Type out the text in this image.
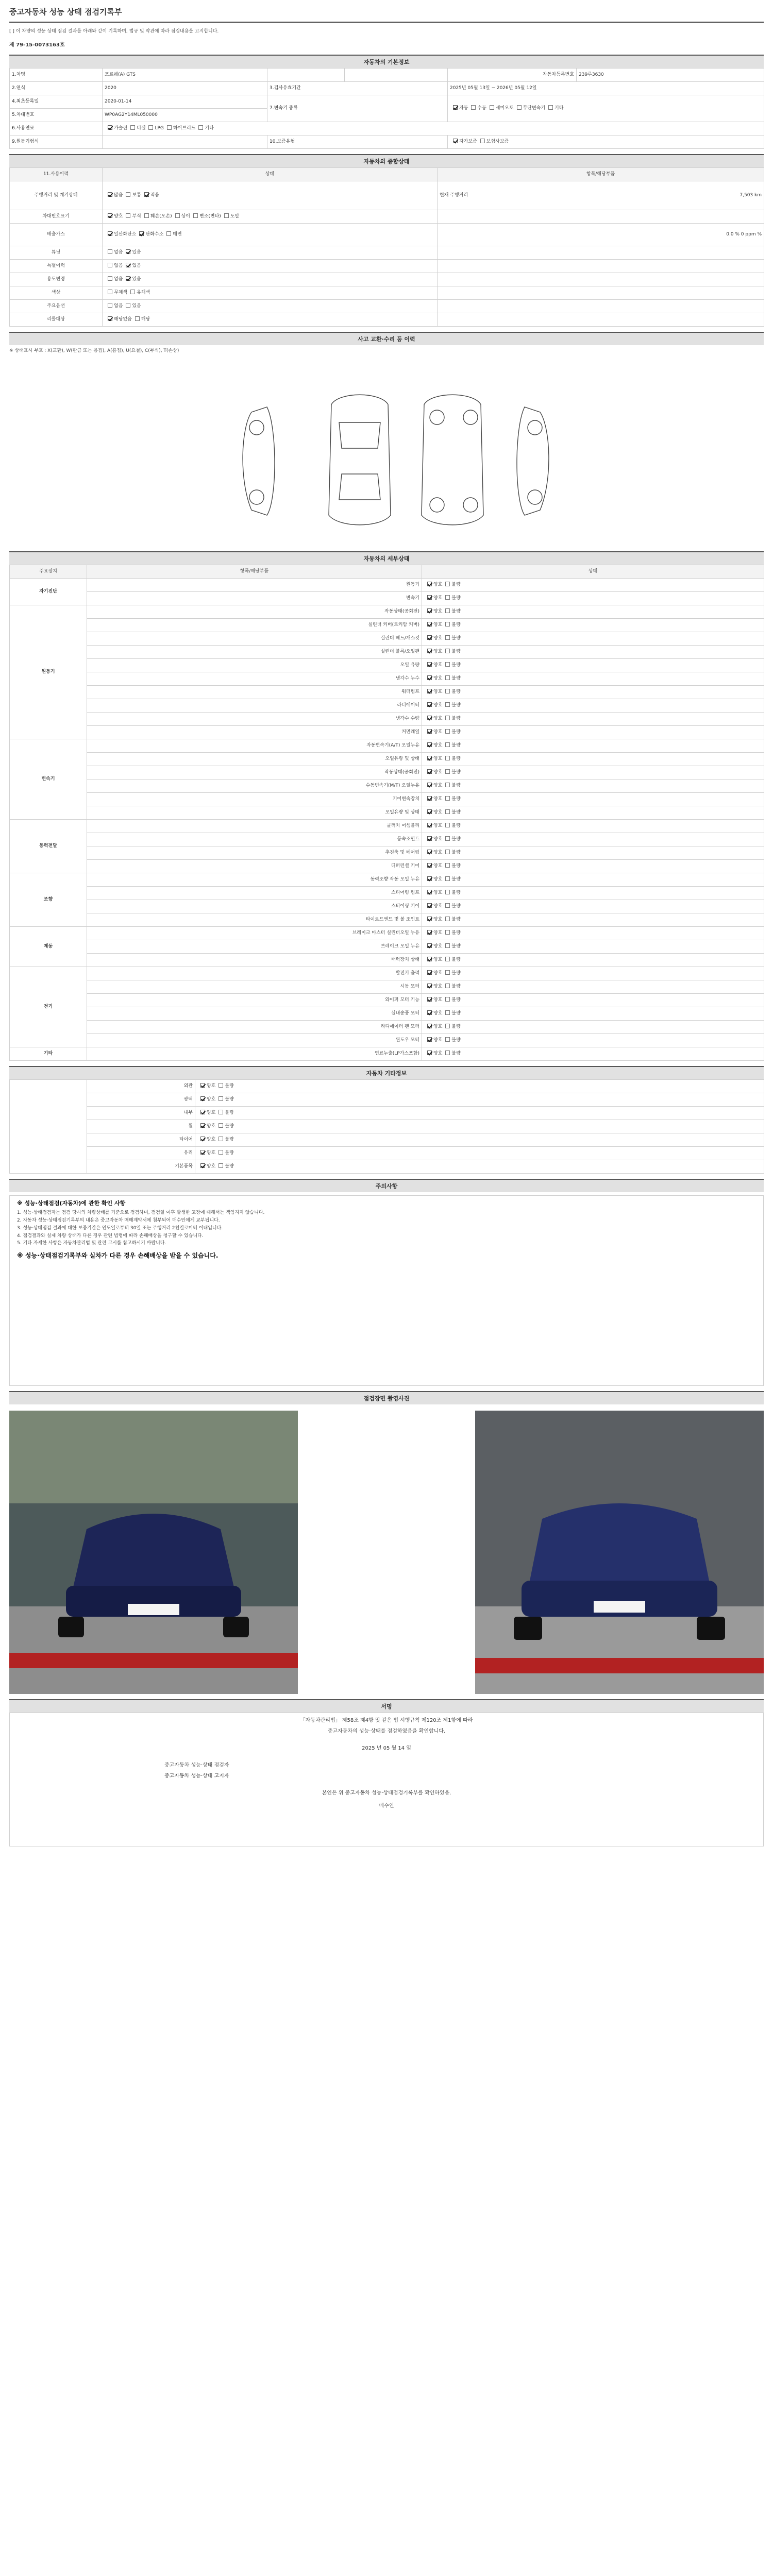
중고자동차 성능 상태 점검기록부
[ ] 이 차량의 성능 상태 점검 결과를 아래와 같이 기록하며, 법규 및 약관에 따라 점검내용을 고지합니다.
제 79-15-0073163호
자동차의 기본정보
1.차명	포르쉐(A) GTS			자동차등록번호	239루3630
2.연식	2020	3.검사유효기간		2025년 05월 13일 ~ 2026년 05월 12일	
4.최초등록일	2020-01-14	7.변속기 종류		자동 수동 세미오토 무단변속기 기타	
5.차대번호	WP0AG2Y14ML050000				
6.사용연료	가솔린 디젤 LPG 하이브리드 기타				
9.원동기형식		10.보증유형		자가보증 보험사보증	
자동차의 종합상태
11.사용이력	상태	항목/해당부품
주행거리 및 계기상태	많음 보통 적음	현재 주행거리 7,503 km

차대번호표기	양호 부식 훼손(오손) 상이 변조(변타) 도말	
배출가스	일산화탄소 탄화수소 매연	0.0 % 0 ppm %
튜닝	없음 있음	
특별이력	없음 있음	
용도변경	없음 있음	
색상	무채색 유채색	
주요옵션	없음 있음	
리콜대상	해당없음 해당	
사고 교환·수리 등 이력
※ 상태표시 부호 : X(교환), W(판금 또는 용접), A(흠집), U(요철), C(부식), T(손상)
자동차의 세부상태
주요장치	항목/해당부품	상태
자기진단	원동기	양호 불량
	변속기	양호 불량
원동기	작동상태(공회전)	양호 불량
	실린더 커버(로커암 커버)	양호 불량
	실린더 헤드/개스킷	양호 불량
	실린더 블록/오일팬	양호 불량
	오일 유량	양호 불량
	냉각수 누수	양호 불량
	워터펌프	양호 불량
	라디에이터	양호 불량
	냉각수 수량	양호 불량
	커먼레일	양호 불량
변속기	자동변속기(A/T) 오일누유	양호 불량
	오일유량 및 상태	양호 불량
	작동상태(공회전)	양호 불량
	수동변속기(M/T) 오일누유	양호 불량
	기어변속장치	양호 불량
	오일유량 및 상태	양호 불량
동력전달	클러치 어셈블리	양호 불량
	등속조인트	양호 불량
	추진축 및 베어링	양호 불량
	디퍼런셜 기어	양호 불량
조향	동력조향 작동 오일 누유	양호 불량
	스티어링 펌프	양호 불량
	스티어링 기어	양호 불량
	타이로드엔드 및 볼 조인트	양호 불량
제동	브레이크 마스터 실린더오일 누유	양호 불량
	브레이크 오일 누유	양호 불량
	배력장치 상태	양호 불량
전기	발전기 출력	양호 불량
	시동 모터	양호 불량
	와이퍼 모터 기능	양호 불량
	실내송풍 모터	양호 불량
	라디에이터 팬 모터	양호 불량
	윈도우 모터	양호 불량
기타	연료누출(LP가스포함)	양호 불량
자동차 기타정보
	외관	양호 불량
	광택	양호 불량
	내부	양호 불량
	휠	양호 불량
	타이어	양호 불량
	유리	양호 불량
	기본품목	양호 불량
주의사항
※ 성능·상태점검(자동차)에 관한 확인 사항
1. 성능·상태점검자는 점검 당시의 차량상태를 기준으로 점검하며, 점검일 이후 발생한 고장에 대해서는 책임지지 않습니다.
2. 자동차 성능·상태점검기록부의 내용은 중고자동차 매매계약서에 첨부되어 매수인에게 교부됩니다.
3. 성능·상태점검 결과에 대한 보증기간은 인도일로부터 30일 또는 주행거리 2천킬로미터 이내입니다.
4. 점검결과와 실제 차량 상태가 다른 경우 관련 법령에 따라 손해배상을 청구할 수 있습니다.
5. 기타 자세한 사항은 자동차관리법 및 관련 고시를 참고하시기 바랍니다.
※ 성능·상태점검기록부와 실차가 다른 경우 손해배상을 받을 수 있습니다.
점검장면 촬영사진
서명

「자동차관리법」 제58조 제4항 및 같은 법 시행규칙 제120조 제1항에 따라

중고자동차의 성능·상태를 점검하였음을 확인합니다.

2025 년 05 월 14 일

중고자동차 성능·상태 점검자

중고자동차 성능·상태 고지자

본인은 위 중고자동차 성능·상태점검기록부를 확인하였음.

매수인
